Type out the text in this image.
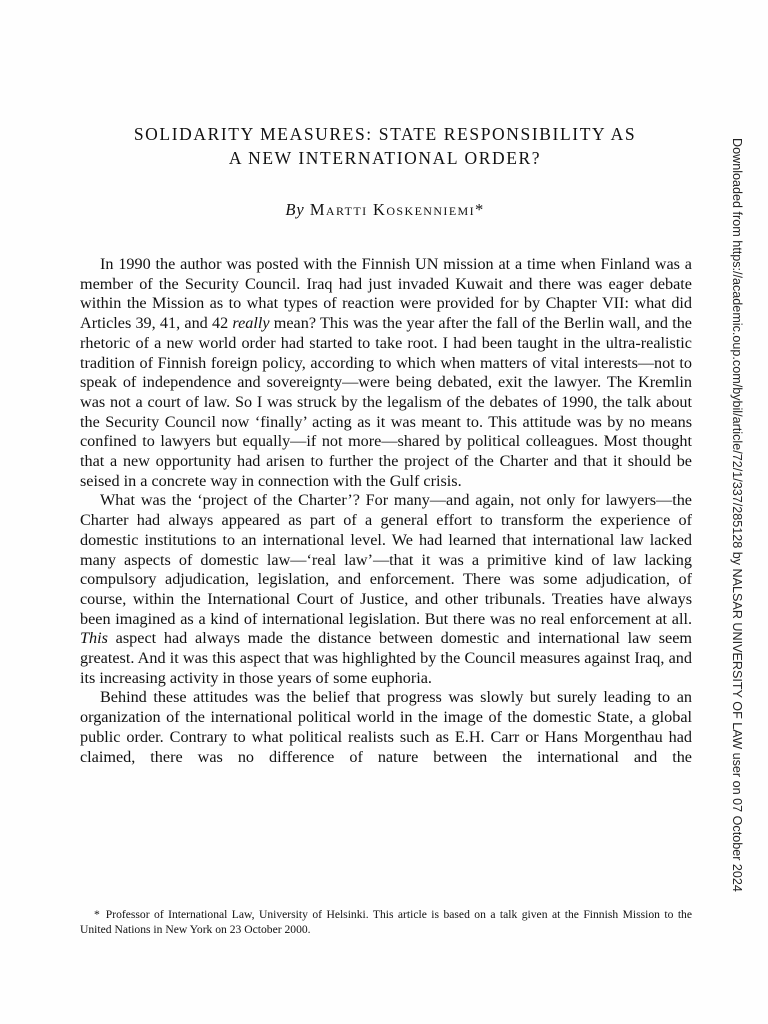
SOLIDARITY MEASURES: STATE RESPONSIBILITY AS
A NEW INTERNATIONAL ORDER?
By Martti Koskenniemi*

In 1990 the author was posted with the Finnish UN mission at a time when Finland was a member of the Security Council. Iraq had just invaded Kuwait and there was eager debate within the Mission as to what types of reaction were provided for by Chapter VII: what did Articles 39, 41, and 42 really mean? This was the year after the fall of the Berlin wall, and the rhetoric of a new world order had started to take root. I had been taught in the ultra-realistic tradition of Finnish foreign policy, according to which when matters of vital interests—not to speak of independence and sovereignty—were being debated, exit the lawyer. The Kremlin was not a court of law. So I was struck by the legalism of the debates of 1990, the talk about the Security Council now ‘finally’ acting as it was meant to. This attitude was by no means confined to lawyers but equally—if not more—shared by political colleagues. Most thought that a new opportunity had arisen to further the project of the Charter and that it should be seised in a concrete way in connection with the Gulf crisis.

What was the ‘project of the Charter’? For many—and again, not only for lawyers—the Charter had always appeared as part of a general effort to transform the experience of domestic institutions to an international level. We had learned that international law lacked many aspects of domestic law—‘real law’—that it was a primitive kind of law lacking compulsory adjudication, legislation, and enforcement. There was some adjudication, of course, within the International Court of Justice, and other tribunals. Treaties have always been imagined as a kind of international legislation. But there was no real enforcement at all. This aspect had always made the distance between domestic and international law seem greatest. And it was this aspect that was highlighted by the Council measures against Iraq, and its increasing activity in those years of some euphoria.

Behind these attitudes was the belief that progress was slowly but surely leading to an organization of the international political world in the image of the domestic State, a global public order. Contrary to what political realists such as E.H. Carr or Hans Morgenthau had claimed, there was no difference of nature between the international and the

* Professor of International Law, University of Helsinki. This article is based on a talk given at the Finnish Mission to the United Nations in New York on 23 October 2000.
Downloaded from https://academic.oup.com/bybil/article/72/1/337/285128 by NALSAR UNIVERSITY OF LAW user on 07 October 2024
